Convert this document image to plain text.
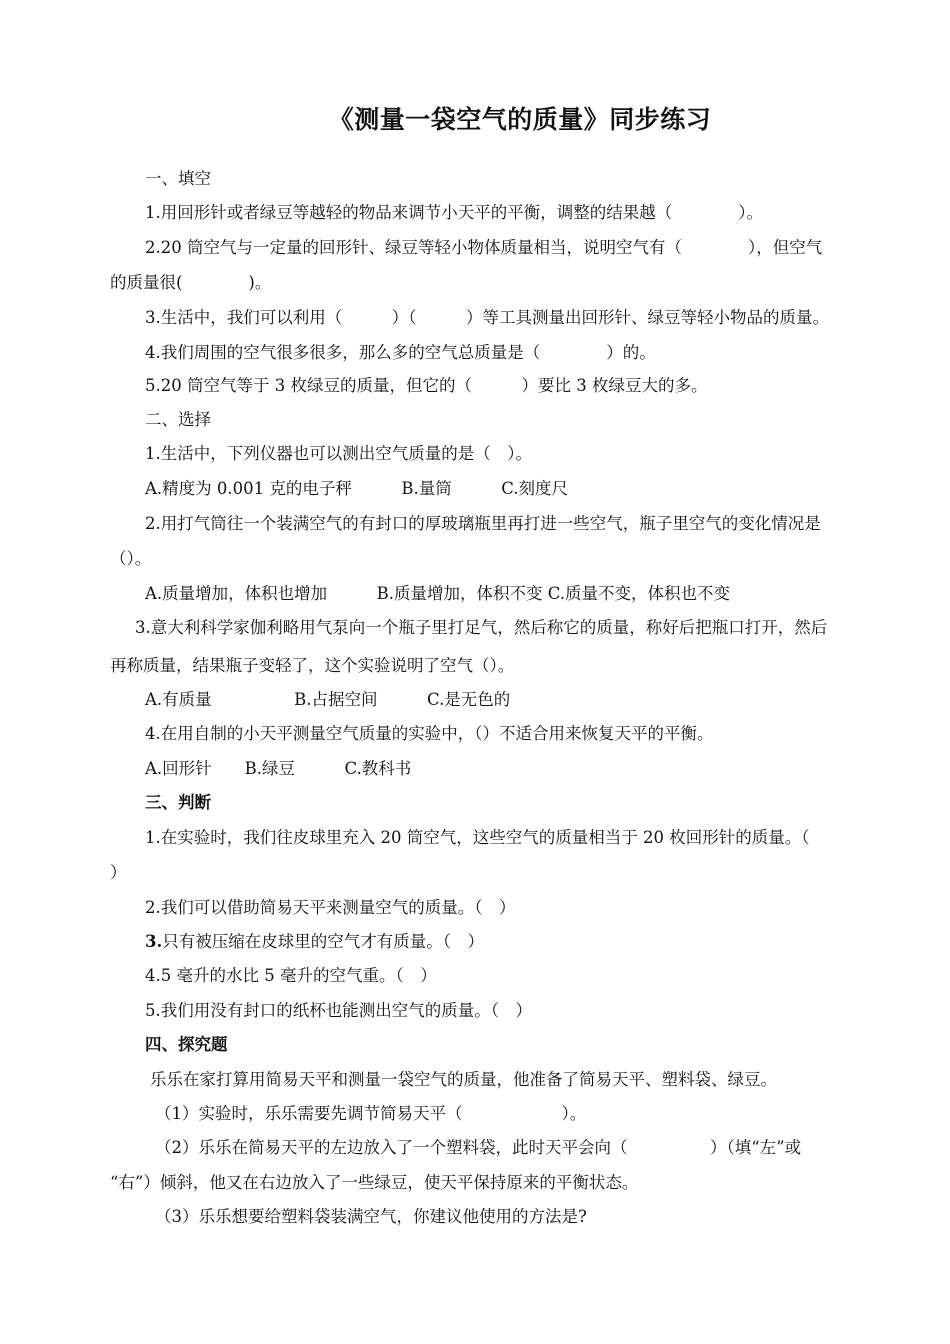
《测量一袋空气的质量》同步练习
一、填空
1.用回形针或者绿豆等越轻的物品来调节小天平的平衡，调整的结果越（　　　　）。
2.20 筒空气与一定量的回形针、绿豆等轻小物体质量相当，说明空气有（　　　　），但空气
的质量很(　　　　)。
3.生活中，我们可以利用（　　　）（　　　）等工具测量出回形针、绿豆等轻小物品的质量。
4.我们周围的空气很多很多，那么多的空气总质量是（　　　　）的。
5.20 筒空气等于 3 枚绿豆的质量，但它的（　　　）要比 3 枚绿豆大的多。
二、选择
1.生活中，下列仪器也可以测出空气质量的是（　）。
A.精度为 0.001 克的电子秤　　　B.量筒　　　C.刻度尺
2.用打气筒往一个装满空气的有封口的厚玻璃瓶里再打进一些空气，瓶子里空气的变化情况是
（）。
A.质量增加，体积也增加　　　B.质量增加，体积不变 C.质量不变，体积也不变
3.意大利科学家伽利略用气泵向一个瓶子里打足气，然后称它的质量，称好后把瓶口打开，然后
再称质量，结果瓶子变轻了，这个实验说明了空气（）。
A.有质量　　　　　B.占据空间　　　C.是无色的
4.在用自制的小天平测量空气质量的实验中，（）不适合用来恢复天平的平衡。
A.回形针　　B.绿豆　　　C.教科书
三、判断
1.在实验时，我们往皮球里充入 20 筒空气，这些空气的质量相当于 20 枚回形针的质量。（
）
2.我们可以借助简易天平来测量空气的质量。（　）
3.只有被压缩在皮球里的空气才有质量。（　）
4.5 毫升的水比 5 毫升的空气重。（　）
5.我们用没有封口的纸杯也能测出空气的质量。（　）
四、探究题
乐乐在家打算用简易天平和测量一袋空气的质量，他准备了简易天平、塑料袋、绿豆。
（1）实验时，乐乐需要先调节简易天平（　　　　　　）。
（2）乐乐在简易天平的左边放入了一个塑料袋，此时天平会向（　　　　　）（填“左”或
“右”）倾斜，他又在右边放入了一些绿豆，使天平保持原来的平衡状态。
（3）乐乐想要给塑料袋装满空气，你建议他使用的方法是?
